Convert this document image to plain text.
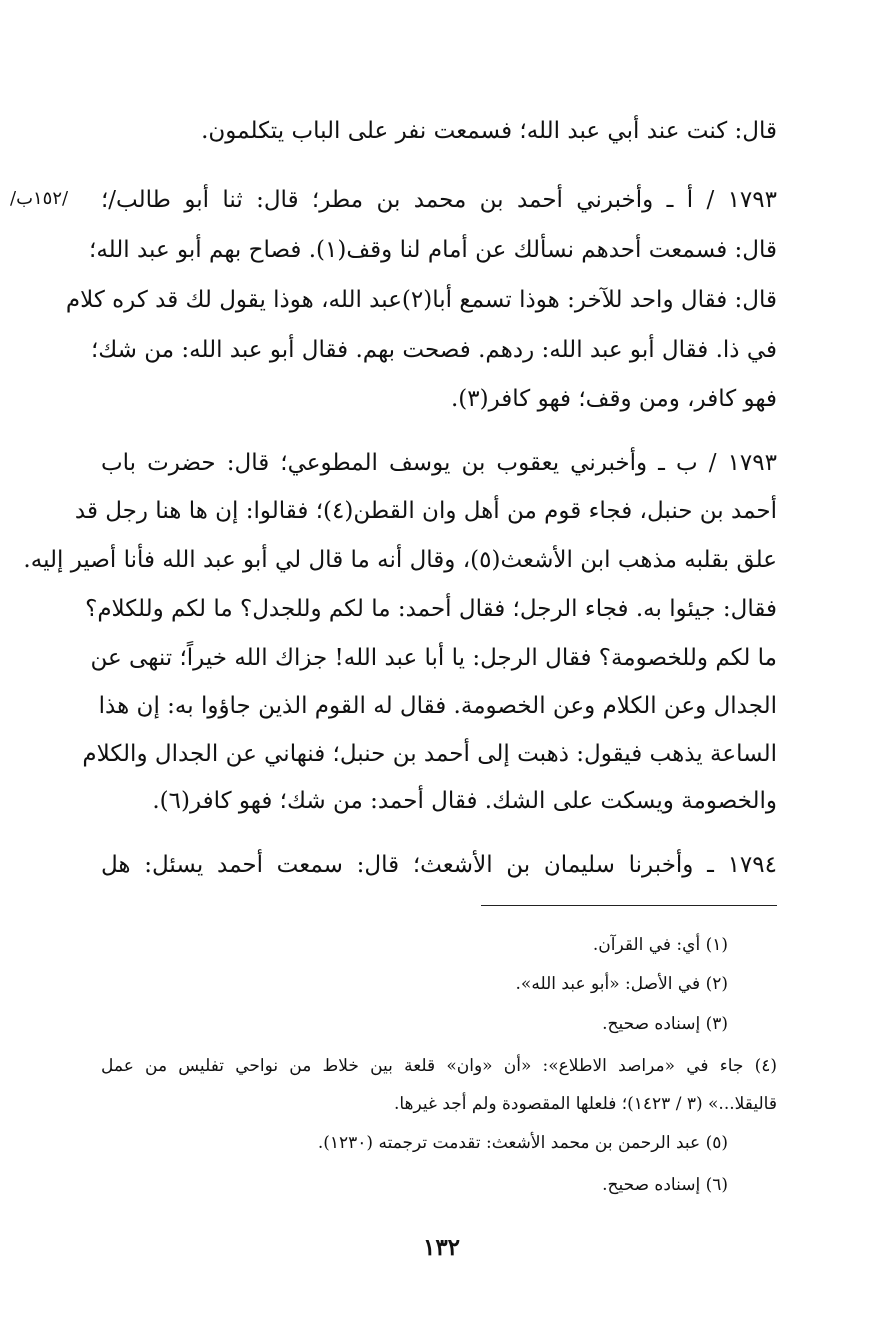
/١٥٢ب/
قال: كنت عند أبي عبد الله؛ فسمعت نفر على الباب يتكلمون.
١٧٩٣ / أ ـ وأخبرني أحمد بن محمد بن مطر؛ قال: ثنا أبو طالب/؛
قال: فسمعت أحدهم نسألك عن أمام لنا وقف(١). فصاح بهم أبو عبد الله؛
قال: فقال واحد للآخر: هوذا تسمع أبا(٢)عبد الله، هوذا يقول لك قد كره كلام
في ذا. فقال أبو عبد الله: ردهم. فصحت بهم. فقال أبو عبد الله: من شك؛
فهو كافر، ومن وقف؛ فهو كافر(٣).
١٧٩٣ / ب ـ وأخبرني يعقوب بن يوسف المطوعي؛ قال: حضرت باب
أحمد بن حنبل، فجاء قوم من أهل وان القطن(٤)؛ فقالوا: إن ها هنا رجل قد
علق بقلبه مذهب ابن الأشعث(٥)، وقال أنه ما قال لي أبو عبد الله فأنا أصير إليه.
فقال: جيئوا به. فجاء الرجل؛ فقال أحمد: ما لكم وللجدل؟ ما لكم وللكلام؟
ما لكم وللخصومة؟ فقال الرجل: يا أبا عبد الله! جزاك الله خيراً؛ تنهى عن
الجدال وعن الكلام وعن الخصومة. فقال له القوم الذين جاؤوا به: إن هذا
الساعة يذهب فيقول: ذهبت إلى أحمد بن حنبل؛ فنهاني عن الجدال والكلام
والخصومة ويسكت على الشك. فقال أحمد: من شك؛ فهو كافر(٦).
١٧٩٤ ـ وأخبرنا سليمان بن الأشعث؛ قال: سمعت أحمد يسئل: هل
(١) أي: في القرآن.
(٢) في الأصل: «أبو عبد الله».
(٣) إسناده صحيح.
(٤) جاء في «مراصد الاطلاع»: «أن «وان» قلعة بين خلاط من نواحي تفليس من عمل
قاليقلا...» (٣ / ١٤٢٣)؛ فلعلها المقصودة ولم أجد غيرها.
(٥) عبد الرحمن بن محمد الأشعث: تقدمت ترجمته (١٢٣٠).
(٦) إسناده صحيح.
١٣٢
